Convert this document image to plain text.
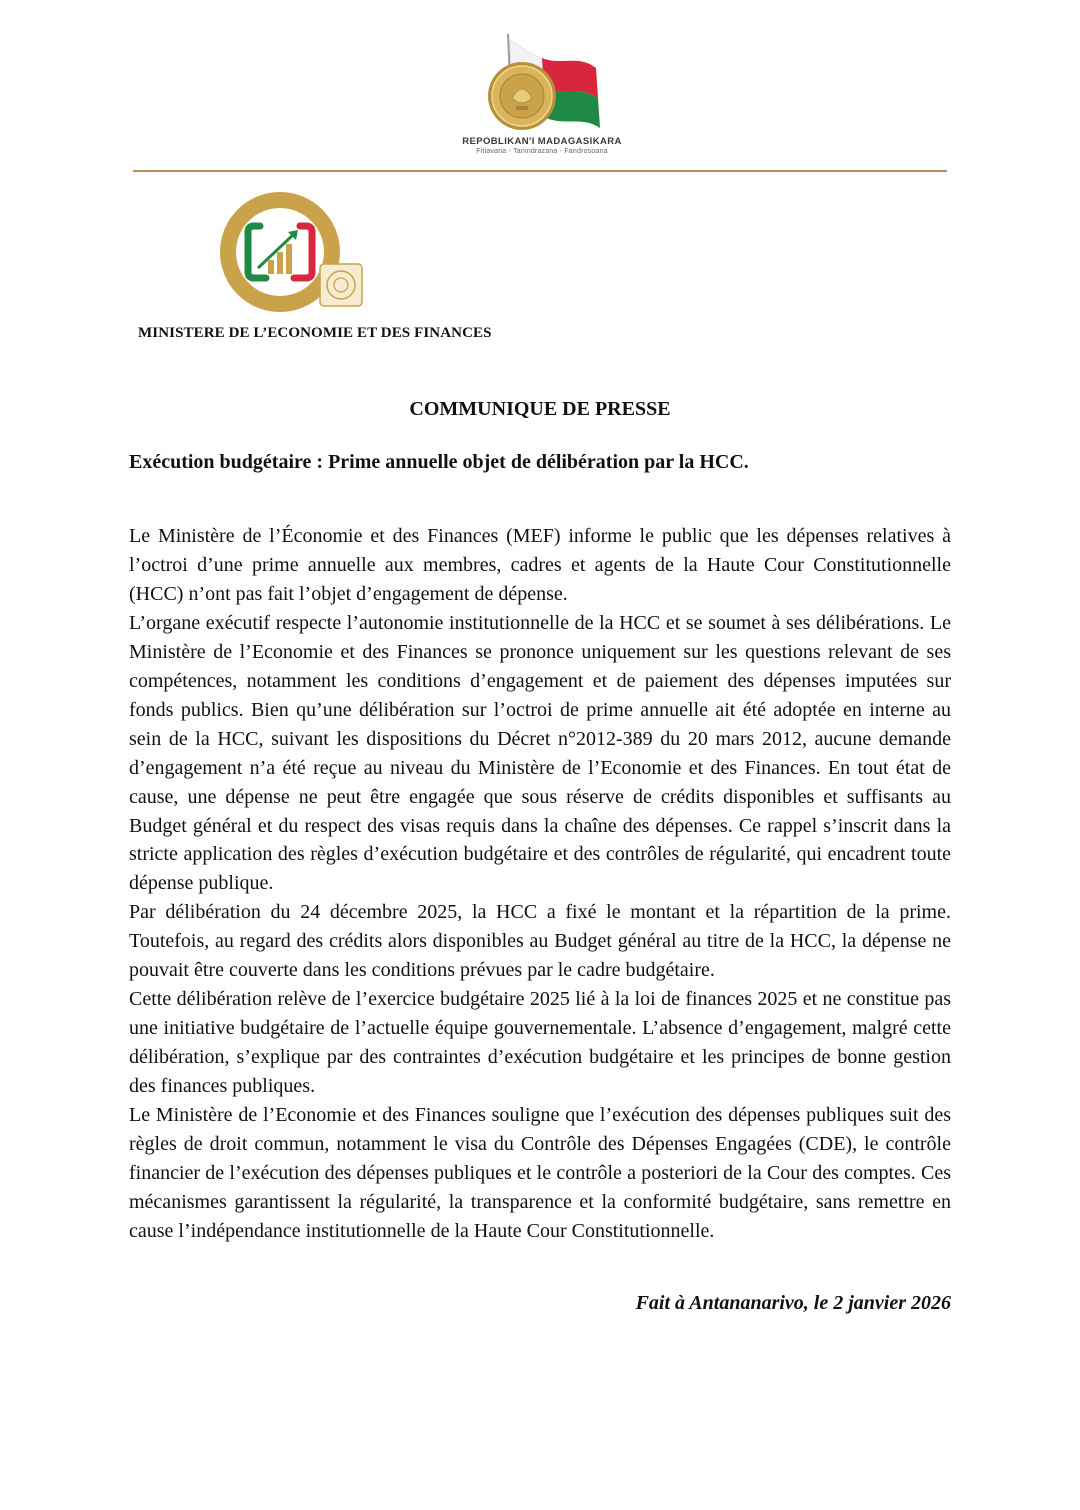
REPOBLIKAN'I MADAGASIKARA
Fitiavana - Tanindrazana - Fandrosoana
MINISTERE DE L’ECONOMIE ET DES FINANCES
COMMUNIQUE DE PRESSE
Exécution budgétaire : Prime annuelle objet de délibération par la HCC.

Le Ministère de l’Économie et des Finances (MEF) informe le public que les dépenses relatives à l’octroi d’une prime annuelle aux membres, cadres et agents de la Haute Cour Constitutionnelle (HCC) n’ont pas fait l’objet d’engagement de dépense.

L’organe exécutif respecte l’autonomie institutionnelle de la HCC et se soumet à ses délibérations. Le Ministère de l’Economie et des Finances se prononce uniquement sur les questions relevant de ses compétences, notamment les conditions d’engagement et de paiement des dépenses imputées sur fonds publics. Bien qu’une délibération sur l’octroi de prime annuelle ait été adoptée en interne au sein de la HCC, suivant les dispositions du Décret n°2012-389 du 20 mars 2012, aucune demande d’engagement n’a été reçue au niveau du Ministère de l’Economie et des Finances. En tout état de cause, une dépense ne peut être engagée que sous réserve de crédits disponibles et suffisants au Budget général et du respect des visas requis dans la chaîne des dépenses. Ce rappel s’inscrit dans la stricte application des règles d’exécution budgétaire et des contrôles de régularité, qui encadrent toute dépense publique.

Par délibération du 24 décembre 2025, la HCC a fixé le montant et la répartition de la prime. Toutefois, au regard des crédits alors disponibles au Budget général au titre de la HCC, la dépense ne pouvait être couverte dans les conditions prévues par le cadre budgétaire.

Cette délibération relève de l’exercice budgétaire 2025 lié à la loi de finances 2025 et ne constitue pas une initiative budgétaire de l’actuelle équipe gouvernementale. L’absence d’engagement, malgré cette délibération, s’explique par des contraintes d’exécution budgétaire et les principes de bonne gestion des finances publiques.

Le Ministère de l’Economie et des Finances souligne que l’exécution des dépenses publiques suit des règles de droit commun, notamment le visa du Contrôle des Dépenses Engagées (CDE), le contrôle financier de l’exécution des dépenses publiques et le contrôle a posteriori de la Cour des comptes. Ces mécanismes garantissent la régularité, la transparence et la conformité budgétaire, sans remettre en cause l’indépendance institutionnelle de la Haute Cour Constitutionnelle.

Fait à Antananarivo, le 2 janvier 2026
